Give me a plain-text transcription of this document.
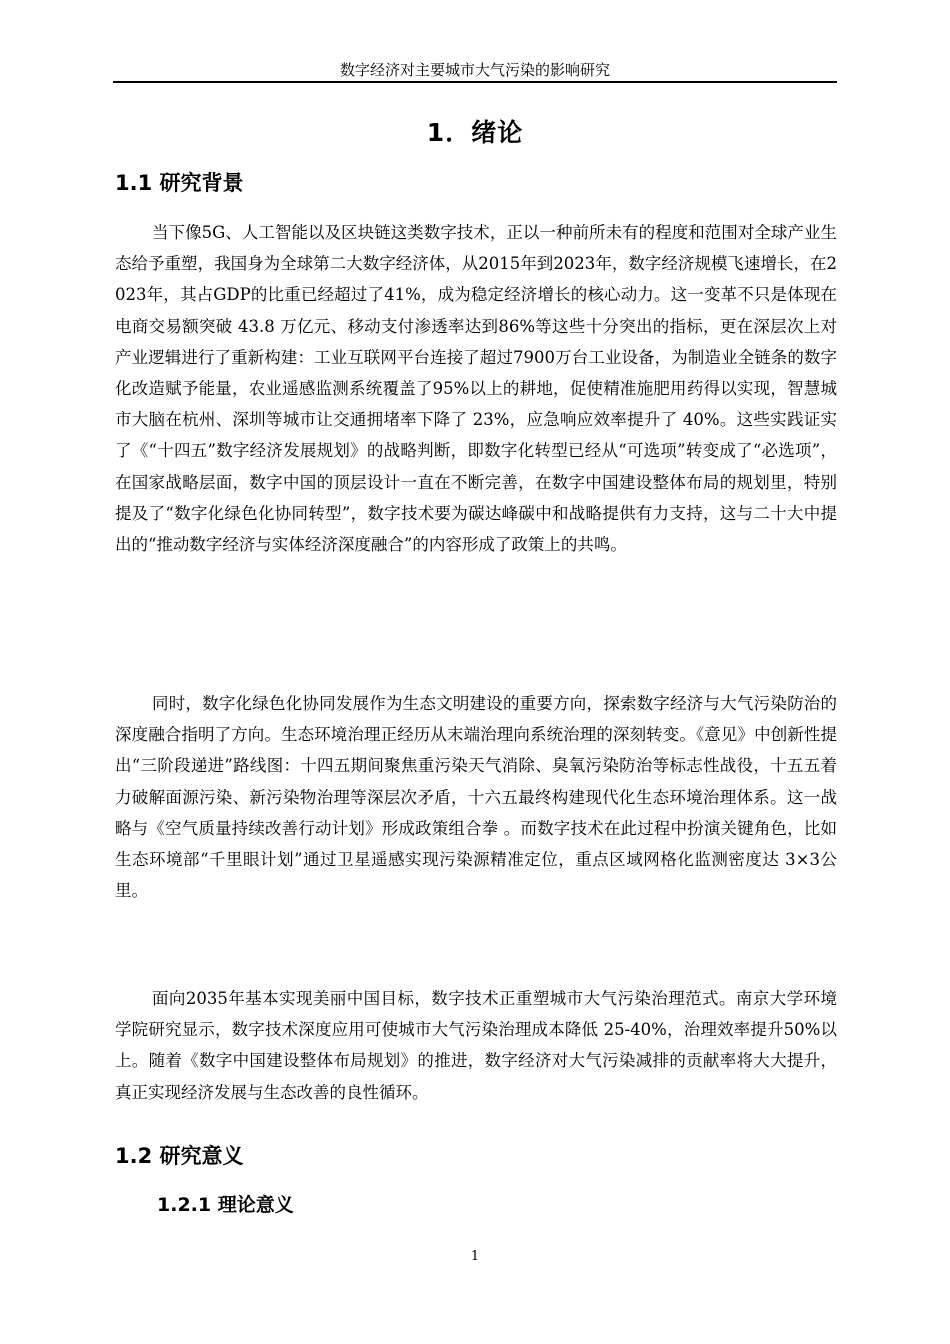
数字经济对主要城市大气污染的影响研究
1．绪论
1.1 研究背景

当下像5G、人工智能以及区块链这类数字技术，正以一种前所未有的程度和范围对全球产业生态给予重塑，我国身为全球第二大数字经济体，从2015年到2023年，数字经济规模飞速增长，在2023年，其占GDP的比重已经超过了41%，成为稳定经济增长的核心动力。这一变革不只是体现在电商交易额突破 43.8 万亿元、移动支付渗透率达到86%等这些十分突出的指标，更在深层次上对产业逻辑进行了重新构建：工业互联网平台连接了超过7900万台工业设备，为制造业全链条的数字化改造赋予能量，农业遥感监测系统覆盖了95%以上的耕地，促使精准施肥用药得以实现，智慧城市大脑在杭州、深圳等城市让交通拥堵率下降了 23%，应急响应效率提升了 40%。这些实践证实了《“十四五”数字经济发展规划》的战略判断，即数字化转型已经从“可选项”转变成了“必选项”，在国家战略层面，数字中国的顶层设计一直在不断完善，在数字中国建设整体布局的规划里，特别提及了“数字化绿色化协同转型”，数字技术要为碳达峰碳中和战略提供有力支持，这与二十大中提出的“推动数字经济与实体经济深度融合”的内容形成了政策上的共鸣。

同时，数字化绿色化协同发展作为生态文明建设的重要方向，探索数字经济与大气污染防治的深度融合指明了方向。生态环境治理正经历从末端治理向系统治理的深刻转变。《意见》中创新性提出“三阶段递进”路线图：十四五期间聚焦重污染天气消除、臭氧污染防治等标志性战役，十五五着力破解面源污染、新污染物治理等深层次矛盾，十六五最终构建现代化生态环境治理体系。这一战略与《空气质量持续改善行动计划》形成政策组合拳 。而数字技术在此过程中扮演关键角色，比如生态环境部“千里眼计划”通过卫星遥感实现污染源精准定位，重点区域网格化监测密度达 3×3公里。

面向2035年基本实现美丽中国目标，数字技术正重塑城市大气污染治理范式。南京大学环境学院研究显示，数字技术深度应用可使城市大气污染治理成本降低 25-40%，治理效率提升50%以上。随着《数字中国建设整体布局规划》的推进，数字经济对大气污染减排的贡献率将大大提升，真正实现经济发展与生态改善的良性循环。

1.2 研究意义
1.2.1 理论意义
1
